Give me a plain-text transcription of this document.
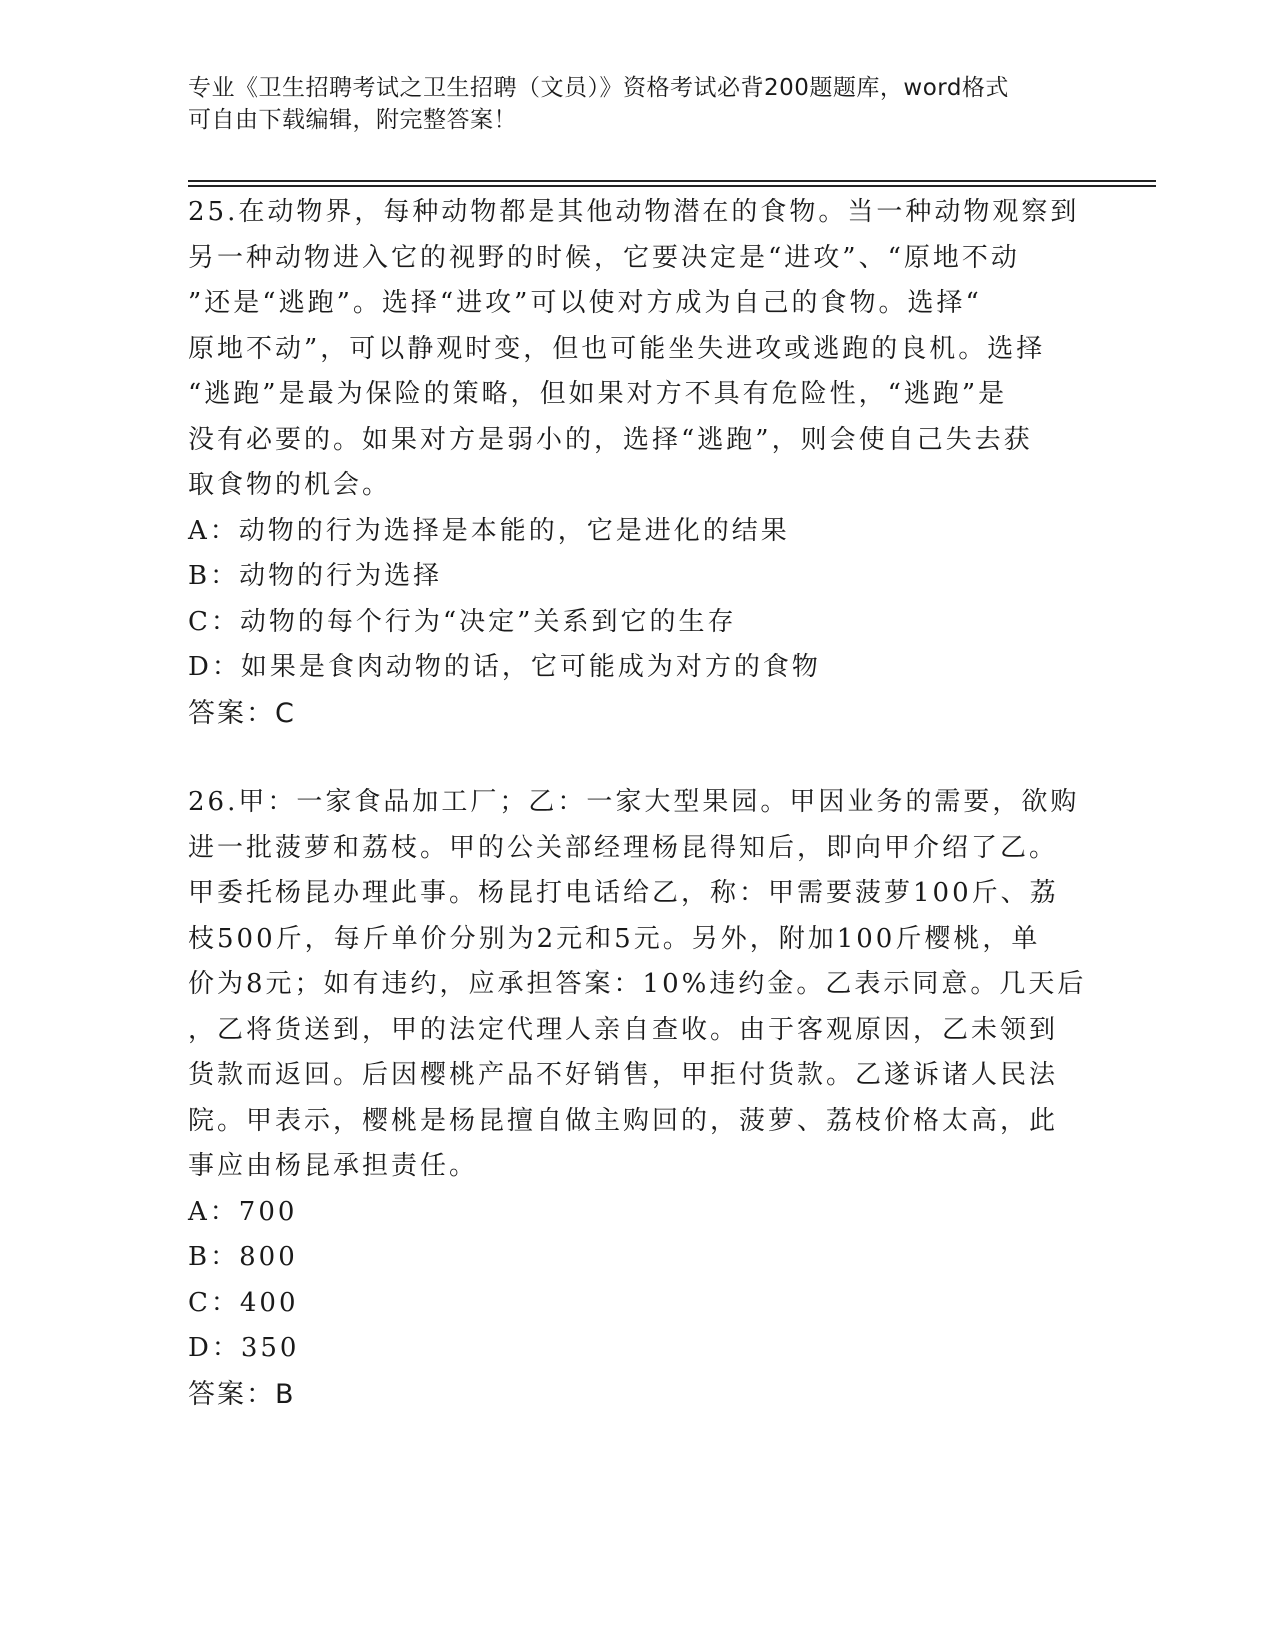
专业《卫生招聘考试之卫生招聘（文员）》资格考试必背200题题库，word格式
可自由下载编辑，附完整答案！

25.在动物界，每种动物都是其他动物潜在的食物。当一种动物观察到

另一种动物进入它的视野的时候，它要决定是“进攻”、“原地不动

”还是“逃跑”。选择“进攻”可以使对方成为自己的食物。选择“

原地不动”，可以静观时变，但也可能坐失进攻或逃跑的良机。选择

“逃跑”是最为保险的策略，但如果对方不具有危险性，“逃跑”是

没有必要的。如果对方是弱小的，选择“逃跑”，则会使自己失去获

取食物的机会。

A：动物的行为选择是本能的，它是进化的结果

B：动物的行为选择

C：动物的每个行为“决定”关系到它的生存

D：如果是食肉动物的话，它可能成为对方的食物

答案：C

26.甲：一家食品加工厂；乙：一家大型果园。甲因业务的需要，欲购

进一批菠萝和荔枝。甲的公关部经理杨昆得知后，即向甲介绍了乙。

甲委托杨昆办理此事。杨昆打电话给乙，称：甲需要菠萝100斤、荔

枝500斤，每斤单价分别为2元和5元。另外，附加100斤樱桃，单

价为8元；如有违约，应承担答案：10%违约金。乙表示同意。几天后

，乙将货送到，甲的法定代理人亲自查收。由于客观原因，乙未领到

货款而返回。后因樱桃产品不好销售，甲拒付货款。乙遂诉诸人民法

院。甲表示，樱桃是杨昆擅自做主购回的，菠萝、荔枝价格太高，此

事应由杨昆承担责任。

A：700

B：800

C：400

D：350

答案：B
